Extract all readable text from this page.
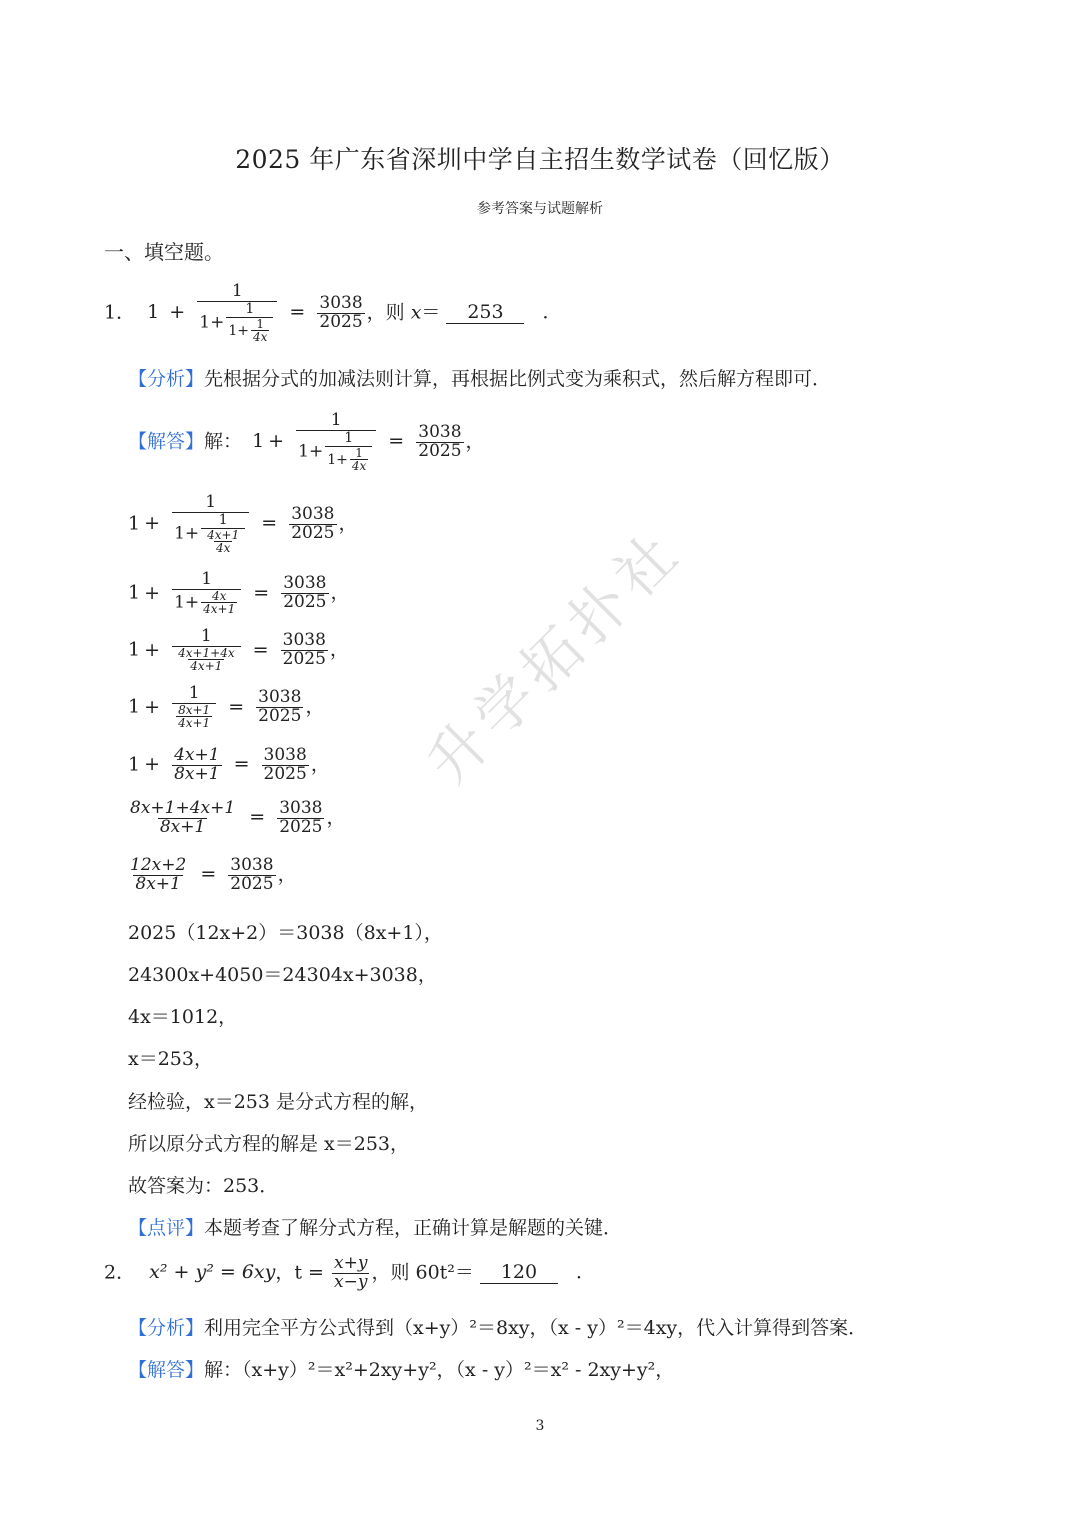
2025 年广东省深圳中学自主招生数学试卷（回忆版）
参考答案与试题解析
一、填空题。
1． $1 + \frac{1}{1+ \frac{1}{1+ \frac{1}{4x}}} = \frac{3038}{2025}$ ，则 x＝ 253 ．
【分析】先根据分式的加减法则计算，再根据比例式变为乘积式，然后解方程即可．
【解答】解： $1 + \frac{1}{1+ \frac{1}{1+ \frac{1}{4x}}} = \frac{3038}{2025}$ ，
$1 + \frac{1}{1+ \frac{1}{\frac{4x+1}{4x}}} = \frac{3038}{2025}$ ，
$1 + \frac{1}{1+ \frac{4x}{4x+1}} = \frac{3038}{2025}$ ，
$1 + \frac{1}{\frac{4x+1+4x}{4x+1}} = \frac{3038}{2025}$ ，
$1 + \frac{1}{\frac{8x+1}{4x+1}} = \frac{3038}{2025}$ ，
$1 + \frac{4x+1}{8x+1} = \frac{3038}{2025}$ ，
$\frac{8x+1+4x+1}{8x+1} = \frac{3038}{2025}$ ，
$\frac{12x+2}{8x+1} = \frac{3038}{2025}$ ，
2025（12x+2）＝3038（8x+1），
24300x+4050＝24304x+3038，
4x＝1012，
x＝253，
经检验，x＝253 是分式方程的解，
所以原分式方程的解是 x＝253，
故答案为：253．
【点评】本题考查了解分式方程，正确计算是解题的关键．
2． x² + y² = 6xy，$t = \frac{x+y}{x-y}$ ，则 60t²＝ 120 ．
【分析】利用完全平方公式得到（x+y）²＝8xy，（x - y）²＝4xy，代入计算得到答案．
【解答】解：（x+y）²＝x²+2xy+y²，（x - y）²＝x² - 2xy+y²，
升学拓扑社
3
